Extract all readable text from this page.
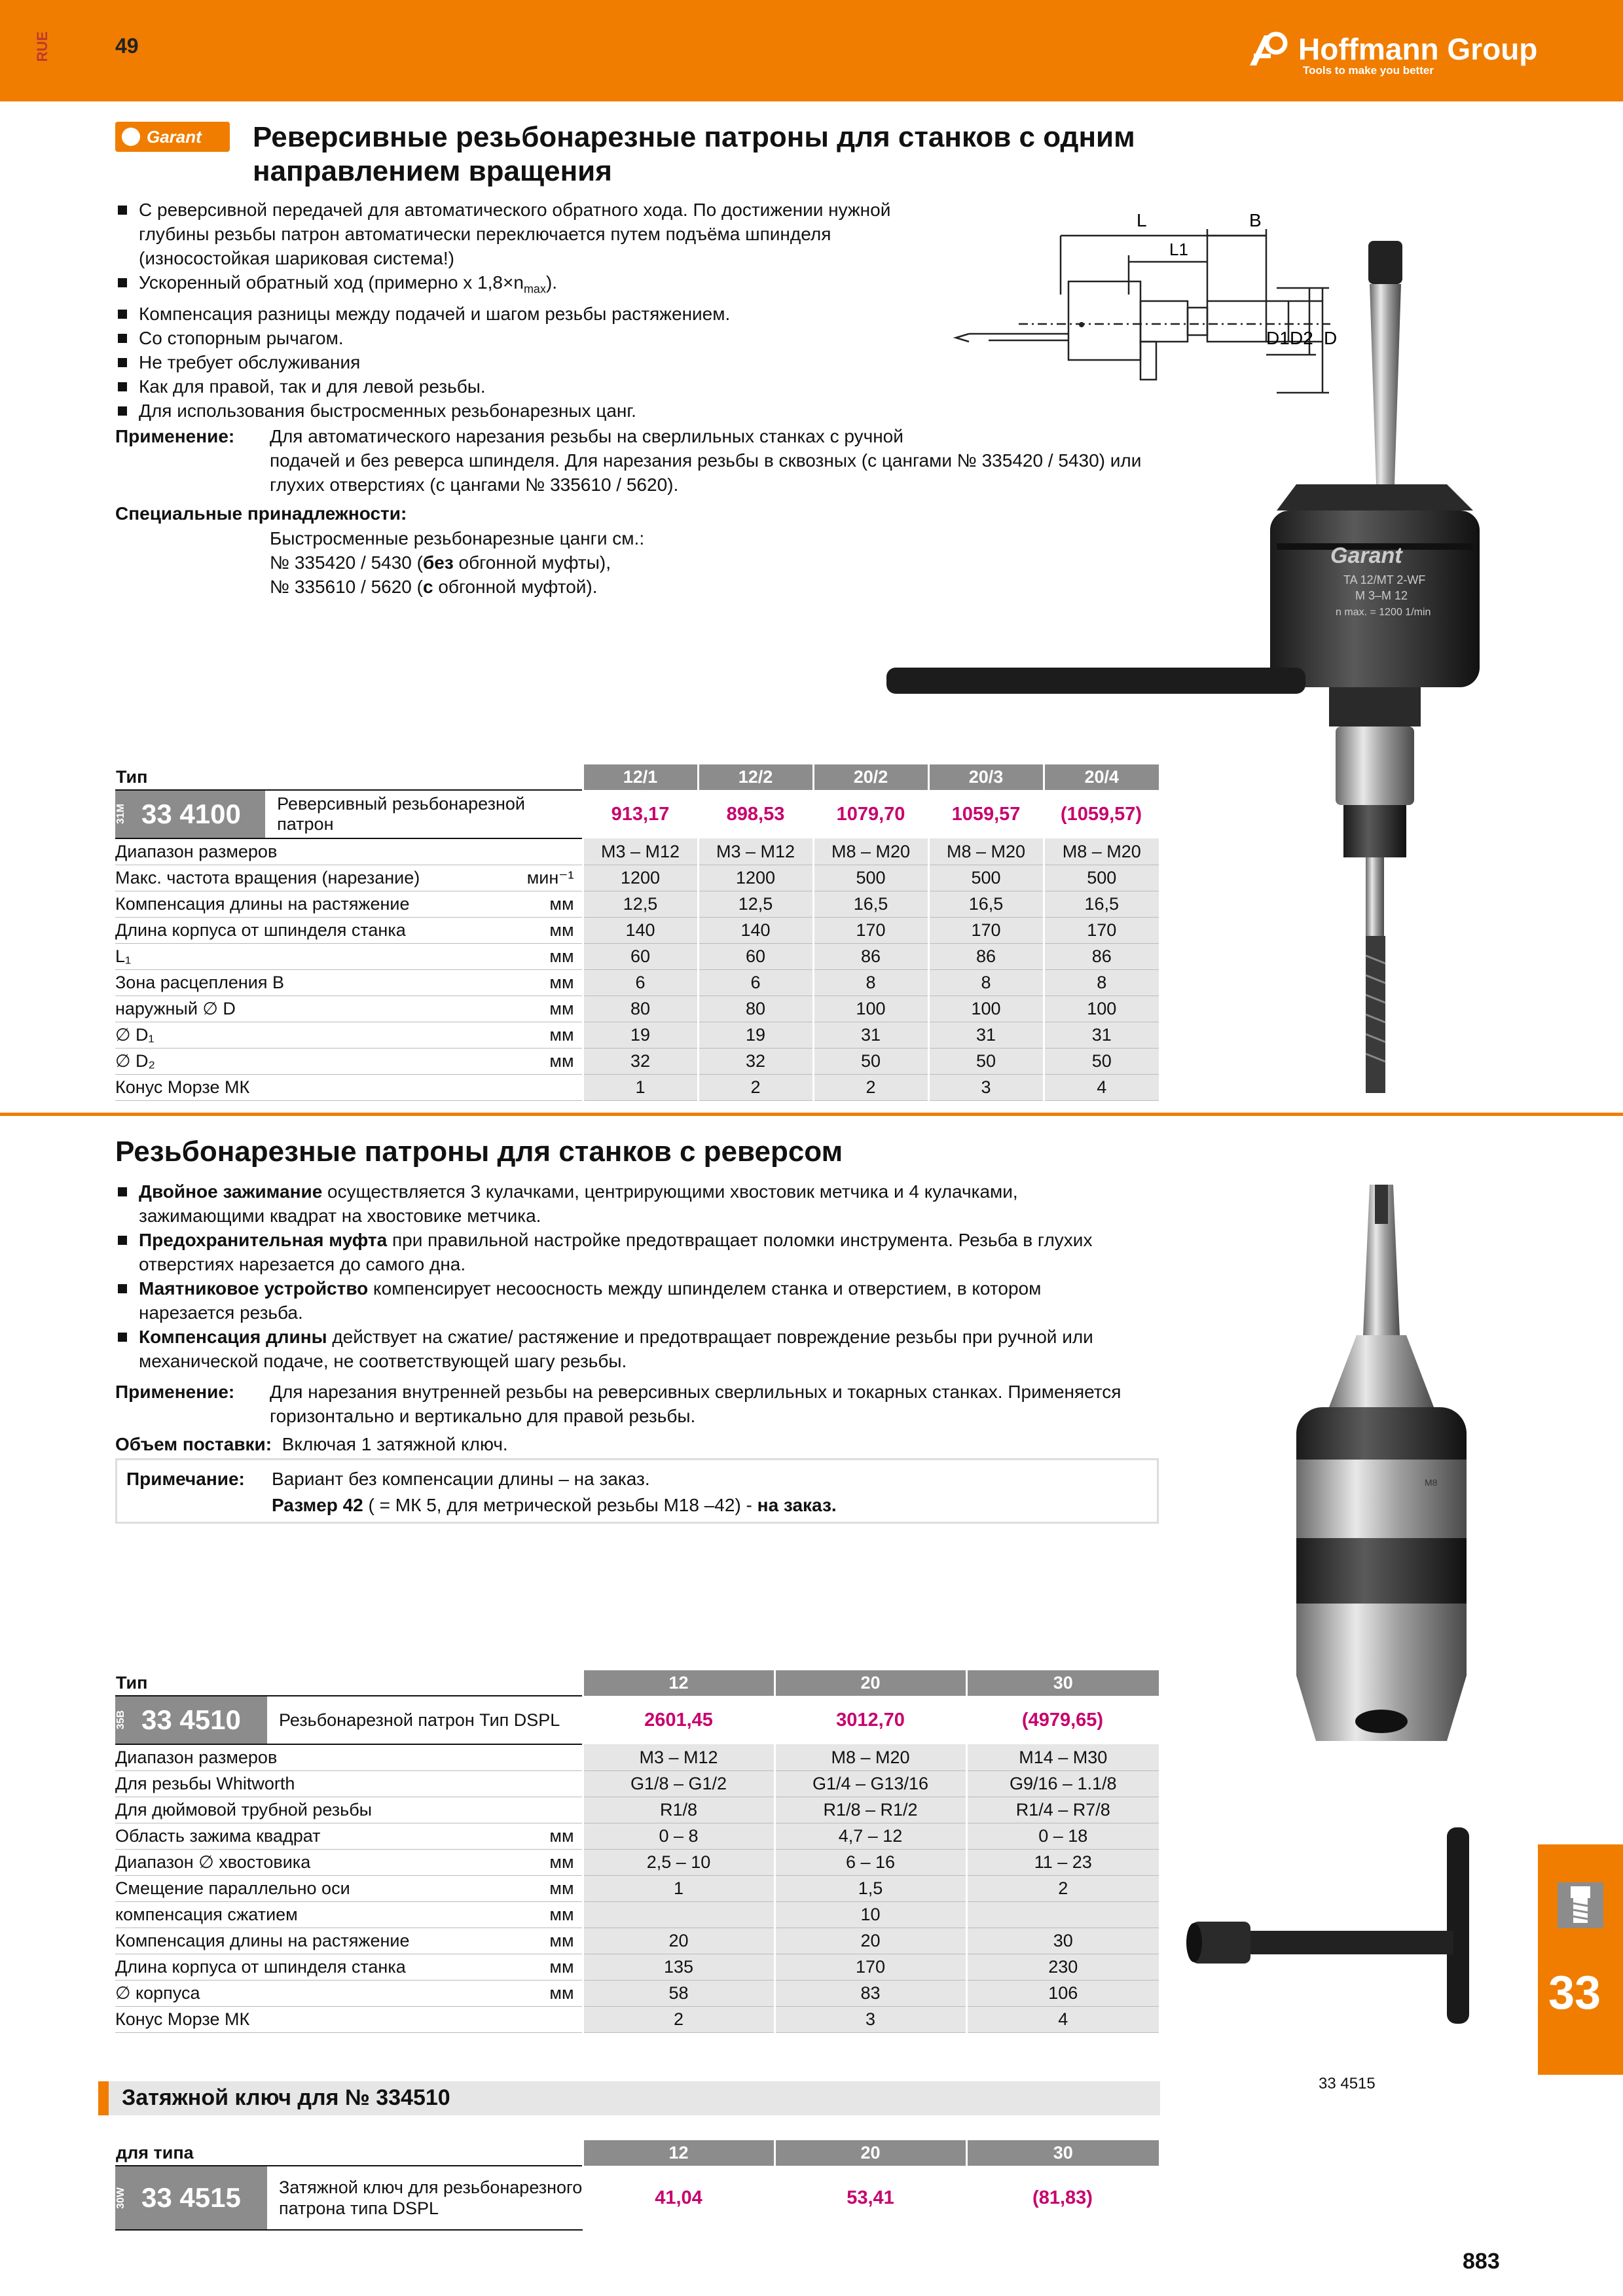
RUE	49	Hoffmann Group
Tools to make you better
Garant	Реверсивные резьбонарезные патроны для станков с одним
направлением вращения
С реверсивной передачей для автоматического обратного хода. По достижении нужной
глубины резьбы патрон автоматически переключается путем подъёма шпинделя
(износостойкая шариковая система!)
Ускоренный обратный ход (примерно х $1,8\times n_{max}$).
Компенсация разницы между подачей и шагом резьбы растяжением.
Со стопорным рычагом.
Не требует обслуживания
Как для правой, так и для левой резьбы.
Для использования быстросменных резьбонарезных цанг.
Применение: Для автоматического нарезания резьбы на сверлильных станках с ручной
подачей и без реверса шпинделя. Для нарезания резьбы в сквозных (с цангами № 335420 / 5430) или
глухих отверстиях (с цангами № 335610 / 5620).
Специальные принадлежности:
Быстросменные резьбонарезные цанги см.:
№ 335420 / 5430 (без обгонной муфты),
№ 335610 / 5620 (с обгонной муфтой).
L	B
L1
D1 D2 D
Garant
TA 12/MT 2-WF
M 3–M 12
n max. = 1200 1/min
Тип	12/1	12/2	20/2	20/3	20/4

31M 33 4100 Реверсивный резьбонарезной патрон	913,17	898,53	1079,70	1059,57	(1059,57)

Диапазон размеров	M3 – M12	M3 – M12	M8 – M20	M8 – M20	M8 – M20

Макс. частота вращения (нарезание) мин⁻¹	1200	1200	500	500	500

Компенсация длины на растяжение мм	12,5	12,5	16,5	16,5	16,5

Длина корпуса от шпинделя станка мм	140	140	170	170	170

L₁ мм	60	60	86	86	86

Зона расцепления B мм	6	6	8	8	8

наружный ∅ D мм	80	80	100	100	100

∅ D₁ мм	19	19	31	31	31

∅ D₂ мм	32	32	50	50	50

Конус Морзе МК	1	2	2	3	4
Резьбонарезные патроны для станков с реверсом
Двойное зажимание осуществляется 3 кулачками, центрирующими хвостовик метчика и 4 кулачками,
зажимающими квадрат на хвостовике метчика.
Предохранительная муфта при правильной настройке предотвращает поломки инструмента. Резьба в глухих
отверстиях нарезается до самого дна.
Маятниковое устройство компенсирует несоосность между шпинделем станка и отверстием, в котором
нарезается резьба.
Компенсация длины действует на сжатие/ растяжение и предотвращает повреждение резьбы при ручной или
механической подаче, не соответствующей шагу резьбы.
Применение: Для нарезания внутренней резьбы на реверсивных сверлильных и токарных станках. Применяется
горизонтально и вертикально для правой резьбы.
Объем поставки: Включая 1 затяжной ключ.
Примечание: Вариант без компенсации длины – на заказ.
Размер 42 ( = МК 5, для метрической резьбы М18 –42) - на заказ.
M8
Тип	12	20	30

35B 33 4510 Резьбонарезной патрон Тип DSPL	2601,45	3012,70	(4979,65)

Диапазон размеров	M3 – M12	M8 – M20	M14 – M30

Для резьбы Whitworth	G1/8 – G1/2	G1/4 – G13/16	G9/16 – 1.1/8

Для дюймовой трубной резьбы	R1/8	R1/8 – R1/2	R1/4 – R7/8

Область зажима квадрат мм	0 – 8	4,7 – 12	0 – 18

Диапазон ∅ хвостовика мм	2,5 – 10	6 – 16	11 – 23

Смещение параллельно оси мм	1	1,5	2

компенсация сжатием мм		10	

Компенсация длины на растяжение мм	20	20	30

Длина корпуса от шпинделя станка мм	135	170	230

∅ корпуса мм	58	83	106

Конус Морзе МК	2	3	4
Затяжной ключ для № 334510
для типа	12	20	30

30W 33 4515 Затяжной ключ для резьбонарезного
патрона типа DSPL	41,04	53,41	(81,83)
33 4515
33
883
